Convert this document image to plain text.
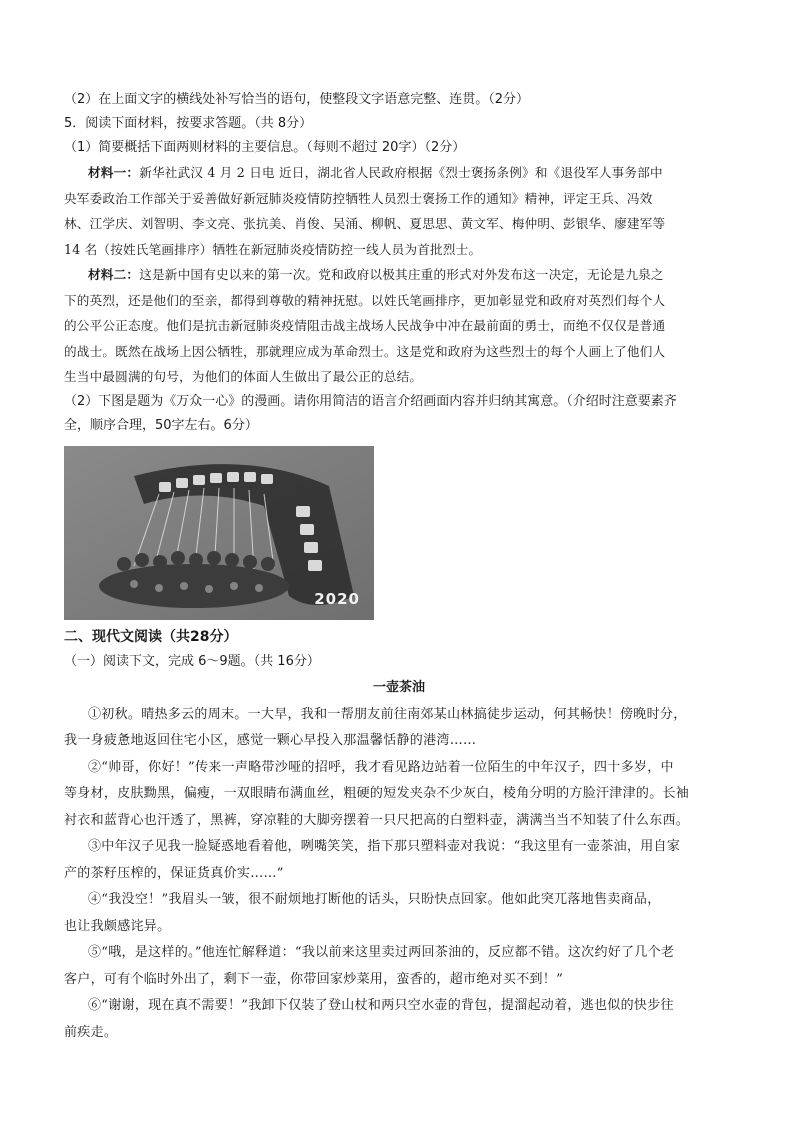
（2）在上面文字的横线处补写恰当的语句，使整段文字语意完整、连贯。（2分）

5．阅读下面材料，按要求答题。（共 8分）

（1）简要概括下面两则材料的主要信息。（每则不超过 20字）（2分）

材料一：新华社武汉 4 月 2 日电 近日，湖北省人民政府根据《烈士褒扬条例》和《退役军人事务部中

央军委政治工作部关于妥善做好新冠肺炎疫情防控牺牲人员烈士褒扬工作的通知》精神，评定王兵、冯效

林、江学庆、刘智明、李文亮、张抗美、肖俊、吴涌、柳帆、夏思思、黄文军、梅仲明、彭银华、廖建军等

14 名（按姓氏笔画排序）牺牲在新冠肺炎疫情防控一线人员为首批烈士。

材料二：这是新中国有史以来的第一次。党和政府以极其庄重的形式对外发布这一决定，无论是九泉之

下的英烈，还是他们的至亲，都得到尊敬的精神抚慰。以姓氏笔画排序，更加彰显党和政府对英烈们每个人

的公平公正态度。他们是抗击新冠肺炎疫情阻击战主战场人民战争中冲在最前面的勇士，而绝不仅仅是普通

的战士。既然在战场上因公牺牲，那就理应成为革命烈士。这是党和政府为这些烈士的每个人画上了他们人

生当中最圆满的句号，为他们的体面人生做出了最公正的总结。

（2）下图是题为《万众一心》的漫画。请你用简洁的语言介绍画面内容并归纳其寓意。（介绍时注意要素齐

全，顺序合理，50字左右。6分）

2020

二、现代文阅读（共28分）

（一）阅读下文，完成 6～9题。（共 16分）

一壶茶油

①初秋。晴热多云的周末。一大早，我和一帮朋友前往南郊某山林搞徒步运动，何其畅快！傍晚时分，

我一身疲惫地返回住宅小区，感觉一颗心早投入那温馨恬静的港湾……

②“帅哥，你好！”传来一声略带沙哑的招呼，我才看见路边站着一位陌生的中年汉子，四十多岁，中

等身材，皮肤黝黑，偏瘦，一双眼睛布满血丝，粗硬的短发夹杂不少灰白，棱角分明的方脸汗津津的。长袖

衬衣和蓝背心也汗透了，黑裤，穿凉鞋的大脚旁摆着一只尺把高的白塑料壶，满满当当不知装了什么东西。

③中年汉子见我一脸疑惑地看着他，咧嘴笑笑，指下那只塑料壶对我说：“我这里有一壶茶油，用自家

产的茶籽压榨的，保证货真价实……”

④“我没空！”我眉头一皱，很不耐烦地打断他的话头，只盼快点回家。他如此突兀落地售卖商品，

也让我颇感诧异。

⑤“哦，是这样的。”他连忙解释道：“我以前来这里卖过两回茶油的，反应都不错。这次约好了几个老

客户，可有个临时外出了，剩下一壶，你带回家炒菜用，蛮香的，超市绝对买不到！”

⑥“谢谢，现在真不需要！”我卸下仅装了登山杖和两只空水壶的背包，提溜起动着，逃也似的快步往

前疾走。
